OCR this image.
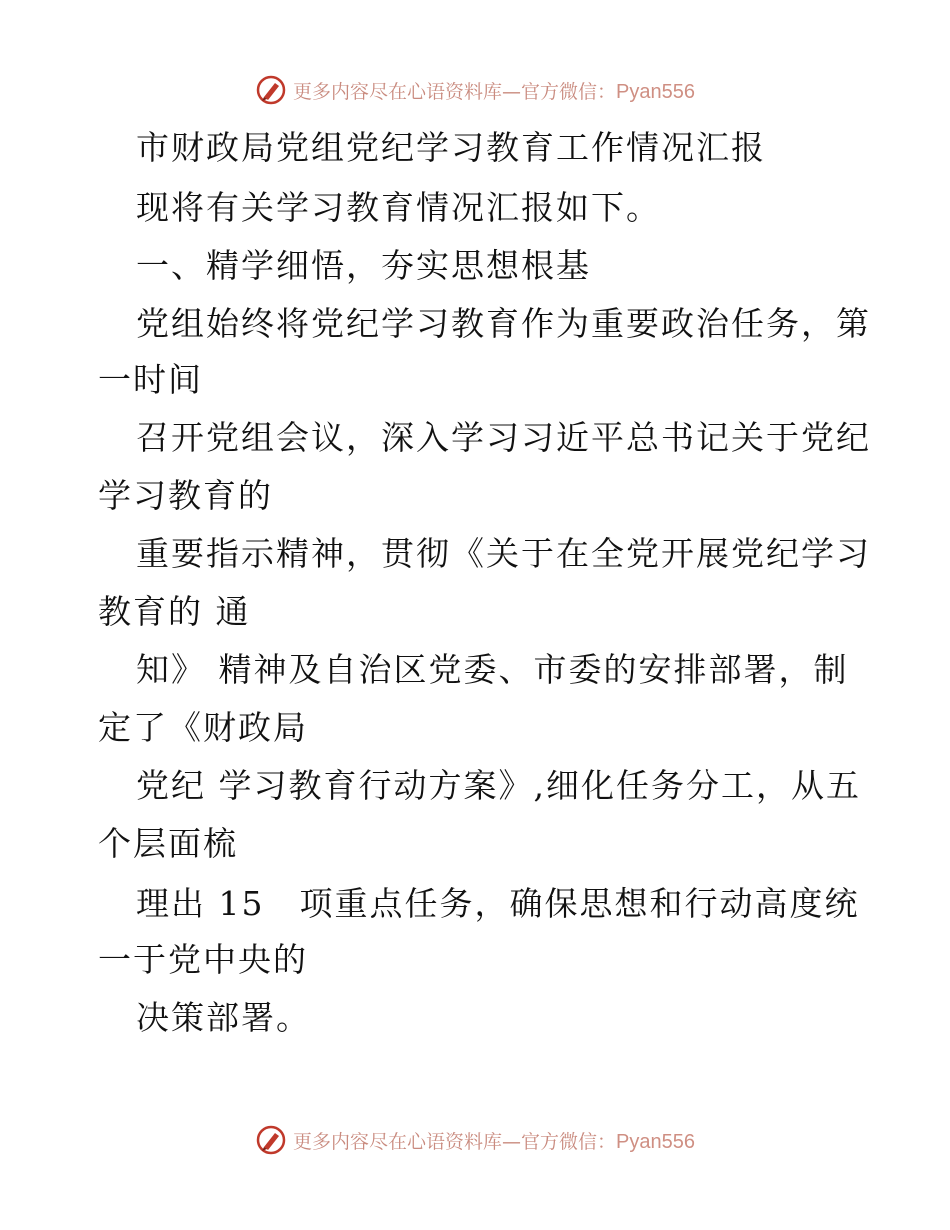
更多内容尽在心语资料库—官方微信：Pyan556
市财政局党组党纪学习教育工作情况汇报
现将有关学习教育情况汇报如下。
一、精学细悟，夯实思想根基
党组始终将党纪学习教育作为重要政治任务，第
一时间
召开党组会议，深入学习习近平总书记关于党纪
学习教育的
重要指示精神，贯彻《关于在全党开展党纪学习
教育的 通
知》 精神及自治区党委、市委的安排部署，制
定了《财政局
党纪 学习教育行动方案》,细化任务分工，从五
个层面梳
理出 15　项重点任务，确保思想和行动高度统
一于党中央的
决策部署。
更多内容尽在心语资料库—官方微信：Pyan556
